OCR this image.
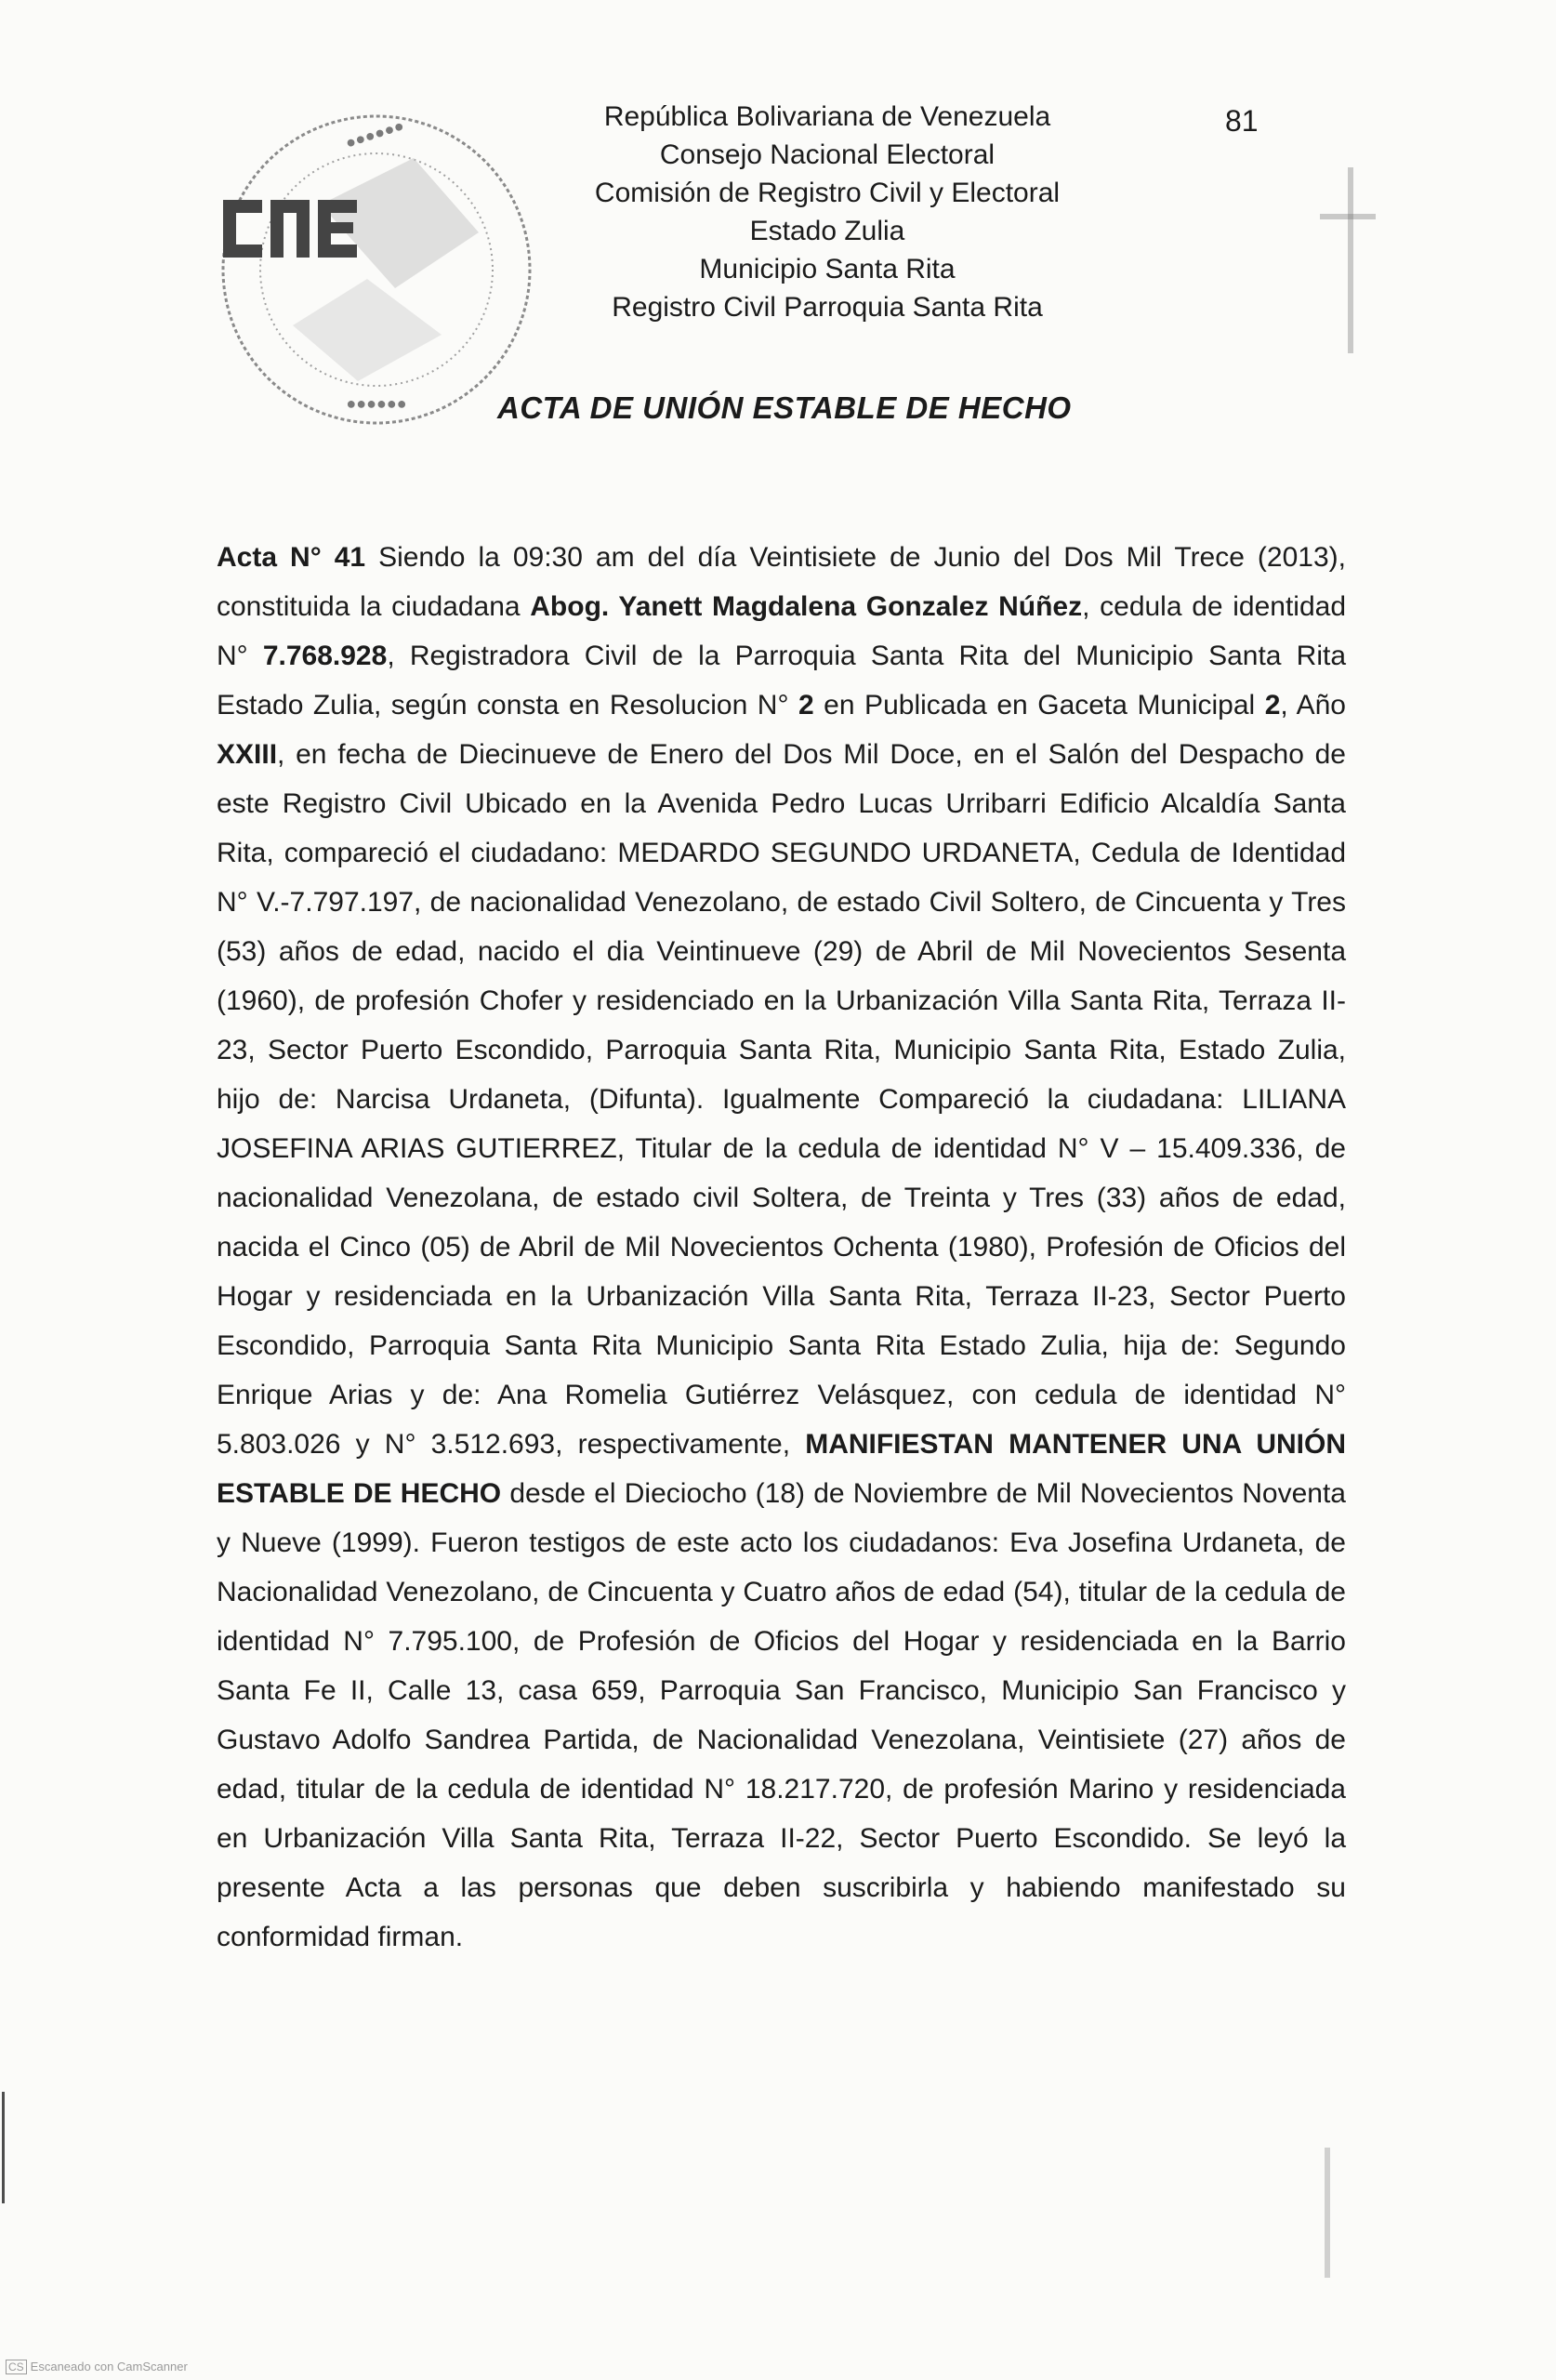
●●●●●●
●●●●●●
República Bolivariana de Venezuela
Consejo Nacional Electoral
Comisión de Registro Civil y Electoral
Estado Zulia
Municipio Santa Rita
Registro Civil Parroquia Santa Rita
81
ACTA DE UNIÓN ESTABLE DE HECHO

Acta N° 41 Siendo la 09:30 am del día Veintisiete de Junio del Dos Mil Trece (2013), constituida la ciudadana Abog. Yanett Magdalena Gonzalez Núñez, cedula de identidad N° 7.768.928, Registradora Civil de la Parroquia Santa Rita del Municipio Santa Rita Estado Zulia, según consta en Resolucion N° 2 en Publicada en Gaceta Municipal 2, Año XXIII, en fecha de Diecinueve de Enero del Dos Mil Doce, en el Salón del Despacho de este Registro Civil Ubicado en la Avenida Pedro Lucas Urribarri Edificio Alcaldía Santa Rita, compareció el ciudadano: MEDARDO SEGUNDO URDANETA, Cedula de Identidad N° V.-7.797.197, de nacionalidad Venezolano, de estado Civil Soltero, de Cincuenta y Tres (53) años de edad, nacido el dia Veintinueve (29) de Abril de Mil Novecientos Sesenta (1960), de profesión Chofer y residenciado en la Urbanización Villa Santa Rita, Terraza II-23, Sector Puerto Escondido, Parroquia Santa Rita, Municipio Santa Rita, Estado Zulia, hijo de: Narcisa Urdaneta, (Difunta). Igualmente Compareció la ciudadana: LILIANA JOSEFINA ARIAS GUTIERREZ, Titular de la cedula de identidad N° V – 15.409.336, de nacionalidad Venezolana, de estado civil Soltera, de Treinta y Tres (33) años de edad, nacida el Cinco (05) de Abril de Mil Novecientos Ochenta (1980), Profesión de Oficios del Hogar y residenciada en la Urbanización Villa Santa Rita, Terraza II-23, Sector Puerto Escondido, Parroquia Santa Rita Municipio Santa Rita Estado Zulia, hija de: Segundo Enrique Arias y de: Ana Romelia Gutiérrez Velásquez, con cedula de identidad N° 5.803.026 y N° 3.512.693, respectivamente, MANIFIESTAN MANTENER UNA UNIÓN ESTABLE DE HECHO desde el Dieciocho (18) de Noviembre de Mil Novecientos Noventa y Nueve (1999). Fueron testigos de este acto los ciudadanos: Eva Josefina Urdaneta, de Nacionalidad Venezolano, de Cincuenta y Cuatro años de edad (54), titular de la cedula de identidad N° 7.795.100, de Profesión de Oficios del Hogar y residenciada en la Barrio Santa Fe II, Calle 13, casa 659, Parroquia San Francisco, Municipio San Francisco y Gustavo Adolfo Sandrea Partida, de Nacionalidad Venezolana, Veintisiete (27) años de edad, titular de la cedula de identidad N° 18.217.720, de profesión Marino y residenciada en Urbanización Villa Santa Rita, Terraza II-22, Sector Puerto Escondido. Se leyó la presente Acta a las personas que deben suscribirla y habiendo manifestado su conformidad firman.

CS Escaneado con CamScanner
